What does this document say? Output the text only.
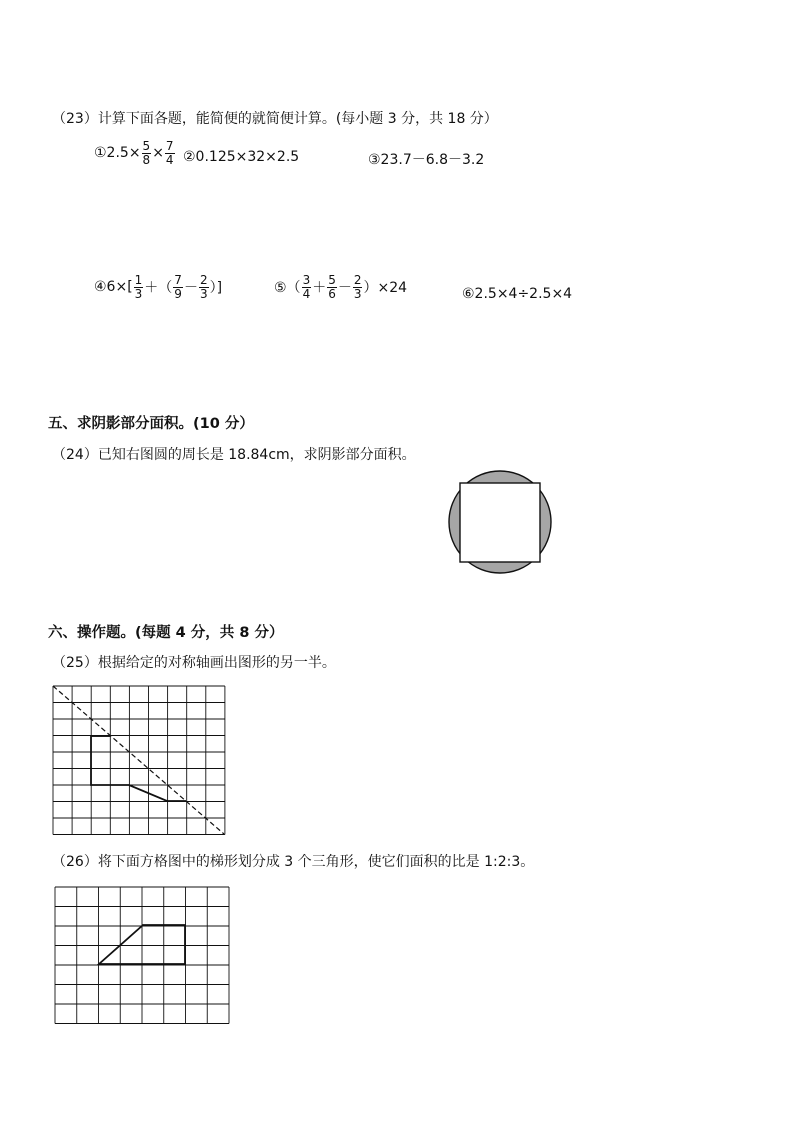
（23）计算下面各题，能简便的就简便计算。(每小题 3 分，共 18 分）
①2.5× $\frac{5}{8} \times \frac{7}{4}$ ②0.125×32×2.5	③23.7－6.8－3.2
④6×[ $\frac{1}{3}$ ＋（ $\frac{7}{9} - \frac{2}{3}$ ）]	⑤（ $\frac{3}{4} + \frac{5}{6} - \frac{2}{3} )\times 24$	⑥2.5×4÷2.5×4
五、求阴影部分面积。(10 分）
（24）已知右图圆的周长是 18.84cm，求阴影部分面积。
六、操作题。(每题 4 分，共 8 分）
（25）根据给定的对称轴画出图形的另一半。
（26）将下面方格图中的梯形划分成 3 个三角形，使它们面积的比是 1:2:3。
